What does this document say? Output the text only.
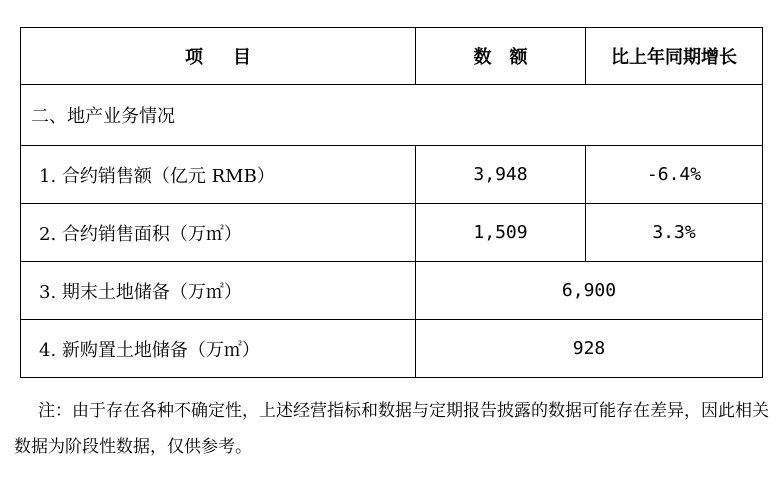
项目	数额	比上年同期增长
二、地产业务情况		
1. 合约销售额（亿元 RMB）	3,948	-6.4%
2. 合约销售面积（万㎡）	1,509	3.3%
3. 期末土地储备（万㎡）	6,900	
4. 新购置土地储备（万㎡）	928	
注：由于存在各种不确定性，上述经营指标和数据与定期报告披露的数据可能存在差异，因此相关数据为阶段性数据，仅供参考。
